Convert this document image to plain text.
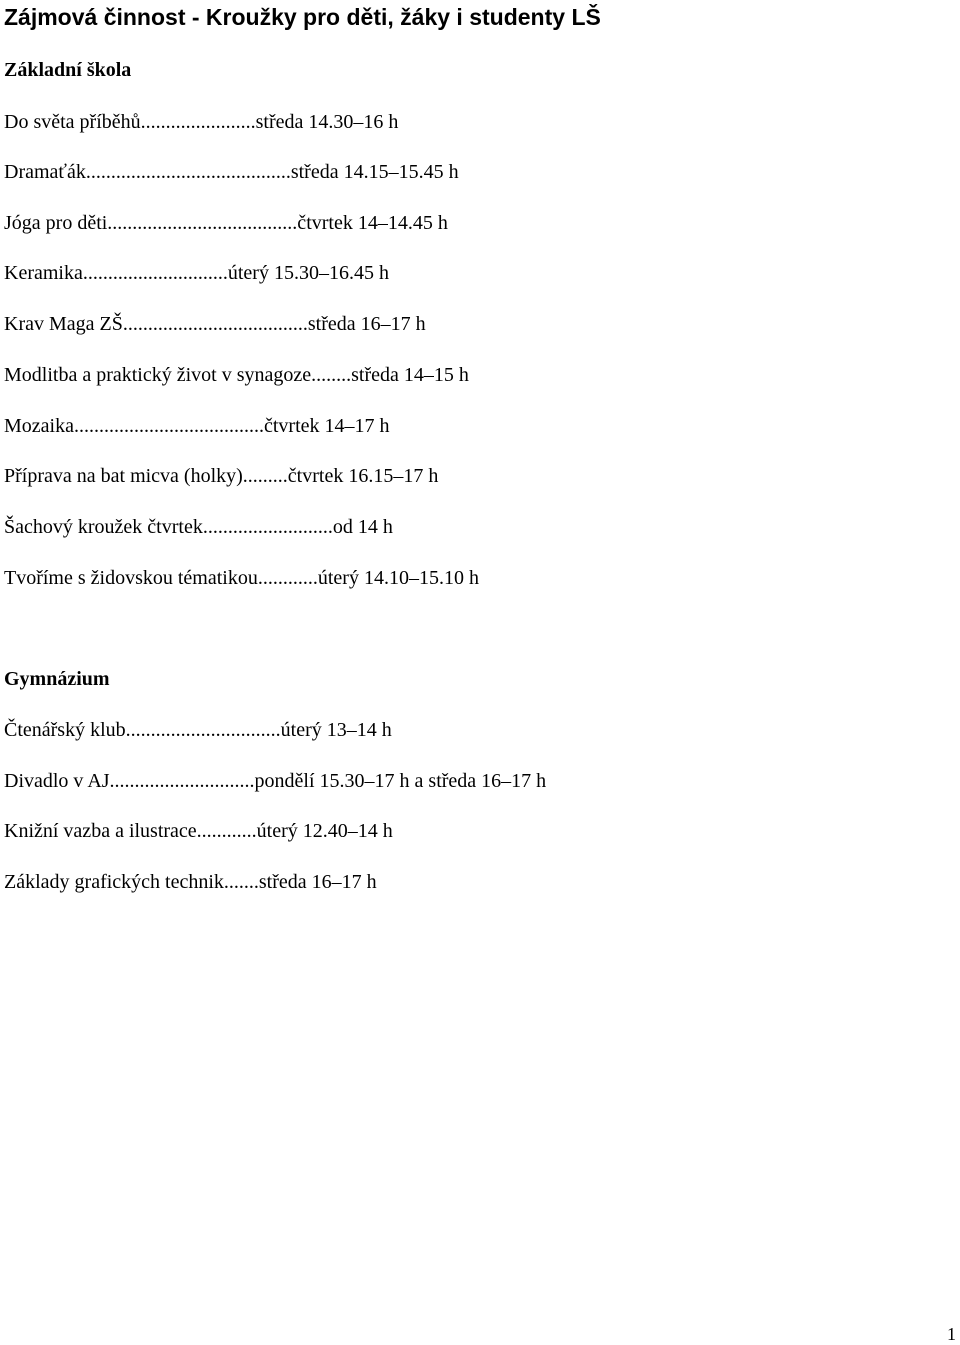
Zájmová činnost - Kroužky pro děti, žáky i studenty LŠ
Základní škola

Do světa příběhů.......................středa 14.30–16 h

Dramaťák.........................................středa 14.15–15.45 h

Jóga pro děti......................................čtvrtek 14–14.45 h

Keramika.............................úterý 15.30–16.45 h

Krav Maga ZŠ.....................................středa 16–17 h

Modlitba a praktický život v synagoze........středa 14–15 h

Mozaika......................................čtvrtek 14–17 h

Příprava na bat micva (holky).........čtvrtek 16.15–17 h

Šachový kroužek čtvrtek..........................od 14 h

Tvoříme s židovskou tématikou............úterý 14.10–15.10 h

Gymnázium

Čtenářský klub...............................úterý 13–14 h

Divadlo v AJ.............................pondělí 15.30–17 h a středa 16–17 h

Knižní vazba a ilustrace............úterý 12.40–14 h

Základy grafických technik.......středa 16–17 h

1
